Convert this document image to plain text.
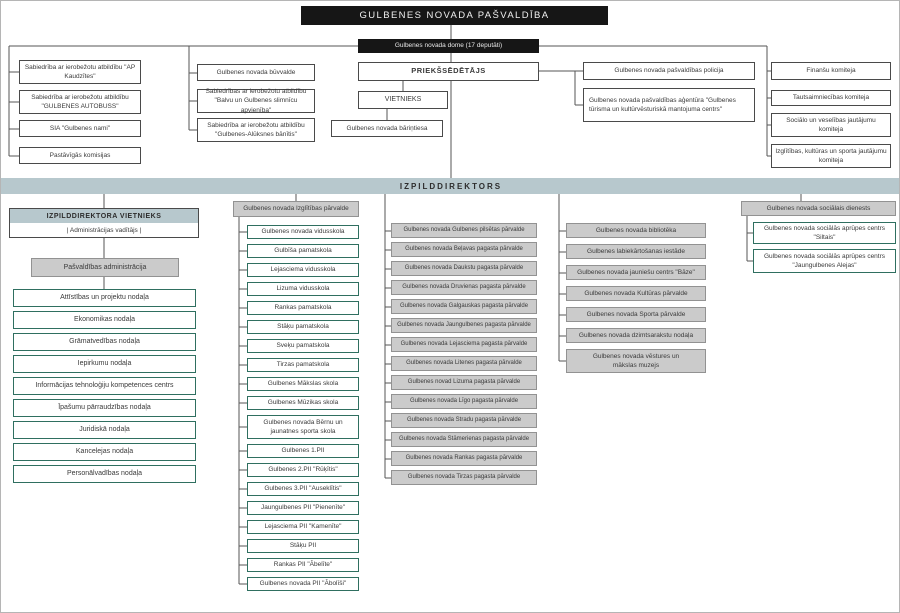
GULBENES NOVADA PAŠVALDĪBA
Gulbenes novada dome (17 deputāti)
PRIEKŠSĒDĒTĀJS
VIETNIEKS
Gulbenes novada bāriņtiesa
Sabiedrība ar ierobežotu atbildību "AP Kaudzītes"
Sabiedrība ar ierobežotu atbildību "GULBENES AUTOBUSS"
SIA "Gulbenes nami"
Pastāvīgās komisijas
Gulbenes novada būvvalde
Sabiedrības ar ierobežotu atbildību "Balvu un Gulbenes slimnīcu apvienība"
Sabiedrība ar ierobežotu atbildību "Gulbenes-Alūksnes bānītis"
Gulbenes novada pašvaldības policija
Gulbenes novada pašvaldības aģentūra "Gulbenes tūrisma un kultūrvēsturiskā mantojuma centrs"
Finanšu komiteja
Tautsaimniecības komiteja
Sociālo un veselības jautājumu komiteja
Izglītības, kultūras un sporta jautājumu komiteja
IZPILDDIREKTORS
IZPILDDIREKTORA VIETNIEKS
| Administrācijas vadītājs |
Pašvaldības administrācija
Attīstības un projektu nodaļa
Ekonomikas nodaļa
Grāmatvedības nodaļa
Iepirkumu nodaļa
Informācijas tehnoloģiju kompetences centrs
Īpašumu pārraudzības nodaļa
Juridiskā nodaļa
Kancelejas nodaļa
Personālvadības nodaļa
Gulbenes novada Izglītības pārvalde
Gulbenes novada vidusskola
Gulbīša pamatskola
Lejasciema vidusskola
Lizuma vidusskola
Rankas pamatskola
Stāķu pamatskola
Sveķu pamatskola
Tirzas pamatskola
Gulbenes Mākslas skola
Gulbenes Mūzikas skola
Gulbenes novada Bērnu un jaunatnes sporta skola
Gulbenes 1.PII
Gulbenes 2.PII "Rūķītis"
Gulbenes 3.PII "Auseklītis"
Jaungulbenes PII "Pienenīte"
Lejasciema PII "Kamenīte"
Stāķu PII
Rankas PII "Ābelīte"
Gulbenes novada PII "Ābolīši"
Gulbenes novada Gulbenes pilsētas pārvalde
Gulbenes novada Beļavas pagasta pārvalde
Gulbenes novada Daukstu pagasta pārvalde
Gulbenes novada Druvienas pagasta pārvalde
Gulbenes novada Galgauskas pagasta pārvalde
Gulbenes novada Jaungulbenes pagasta pārvalde
Gulbenes novada Lejasciema pagasta pārvalde
Gulbenes novada Litenes pagasta pārvalde
Gulbenes novad Lizuma pagasta pārvalde
Gulbenes novada Līgo pagasta pārvalde
Gulbenes novada Stradu pagasta pārvalde
Gulbenes novada Stāmerienas pagasta pārvalde
Gulbenes novada Rankas pagasta pārvalde
Gulbenes novada Tirzas pagasta pārvalde
Gulbenes novada bibliotēka
Gulbenes labiekārtošanas iestāde
Gulbenes novada jauniešu centrs "Bāze"
Gulbenes novada Kultūras pārvalde
Gulbenes novada Sporta pārvalde
Gulbenes novada dzimtsarakstu nodaļa
Gulbenes novada vēstures un mākslas muzejs
Gulbenes novada sociālais dienests
Gulbenes novada sociālās aprūpes centrs "Siltais"
Gulbenes novada sociālās aprūpes centrs "Jaungulbenes Alejas"
